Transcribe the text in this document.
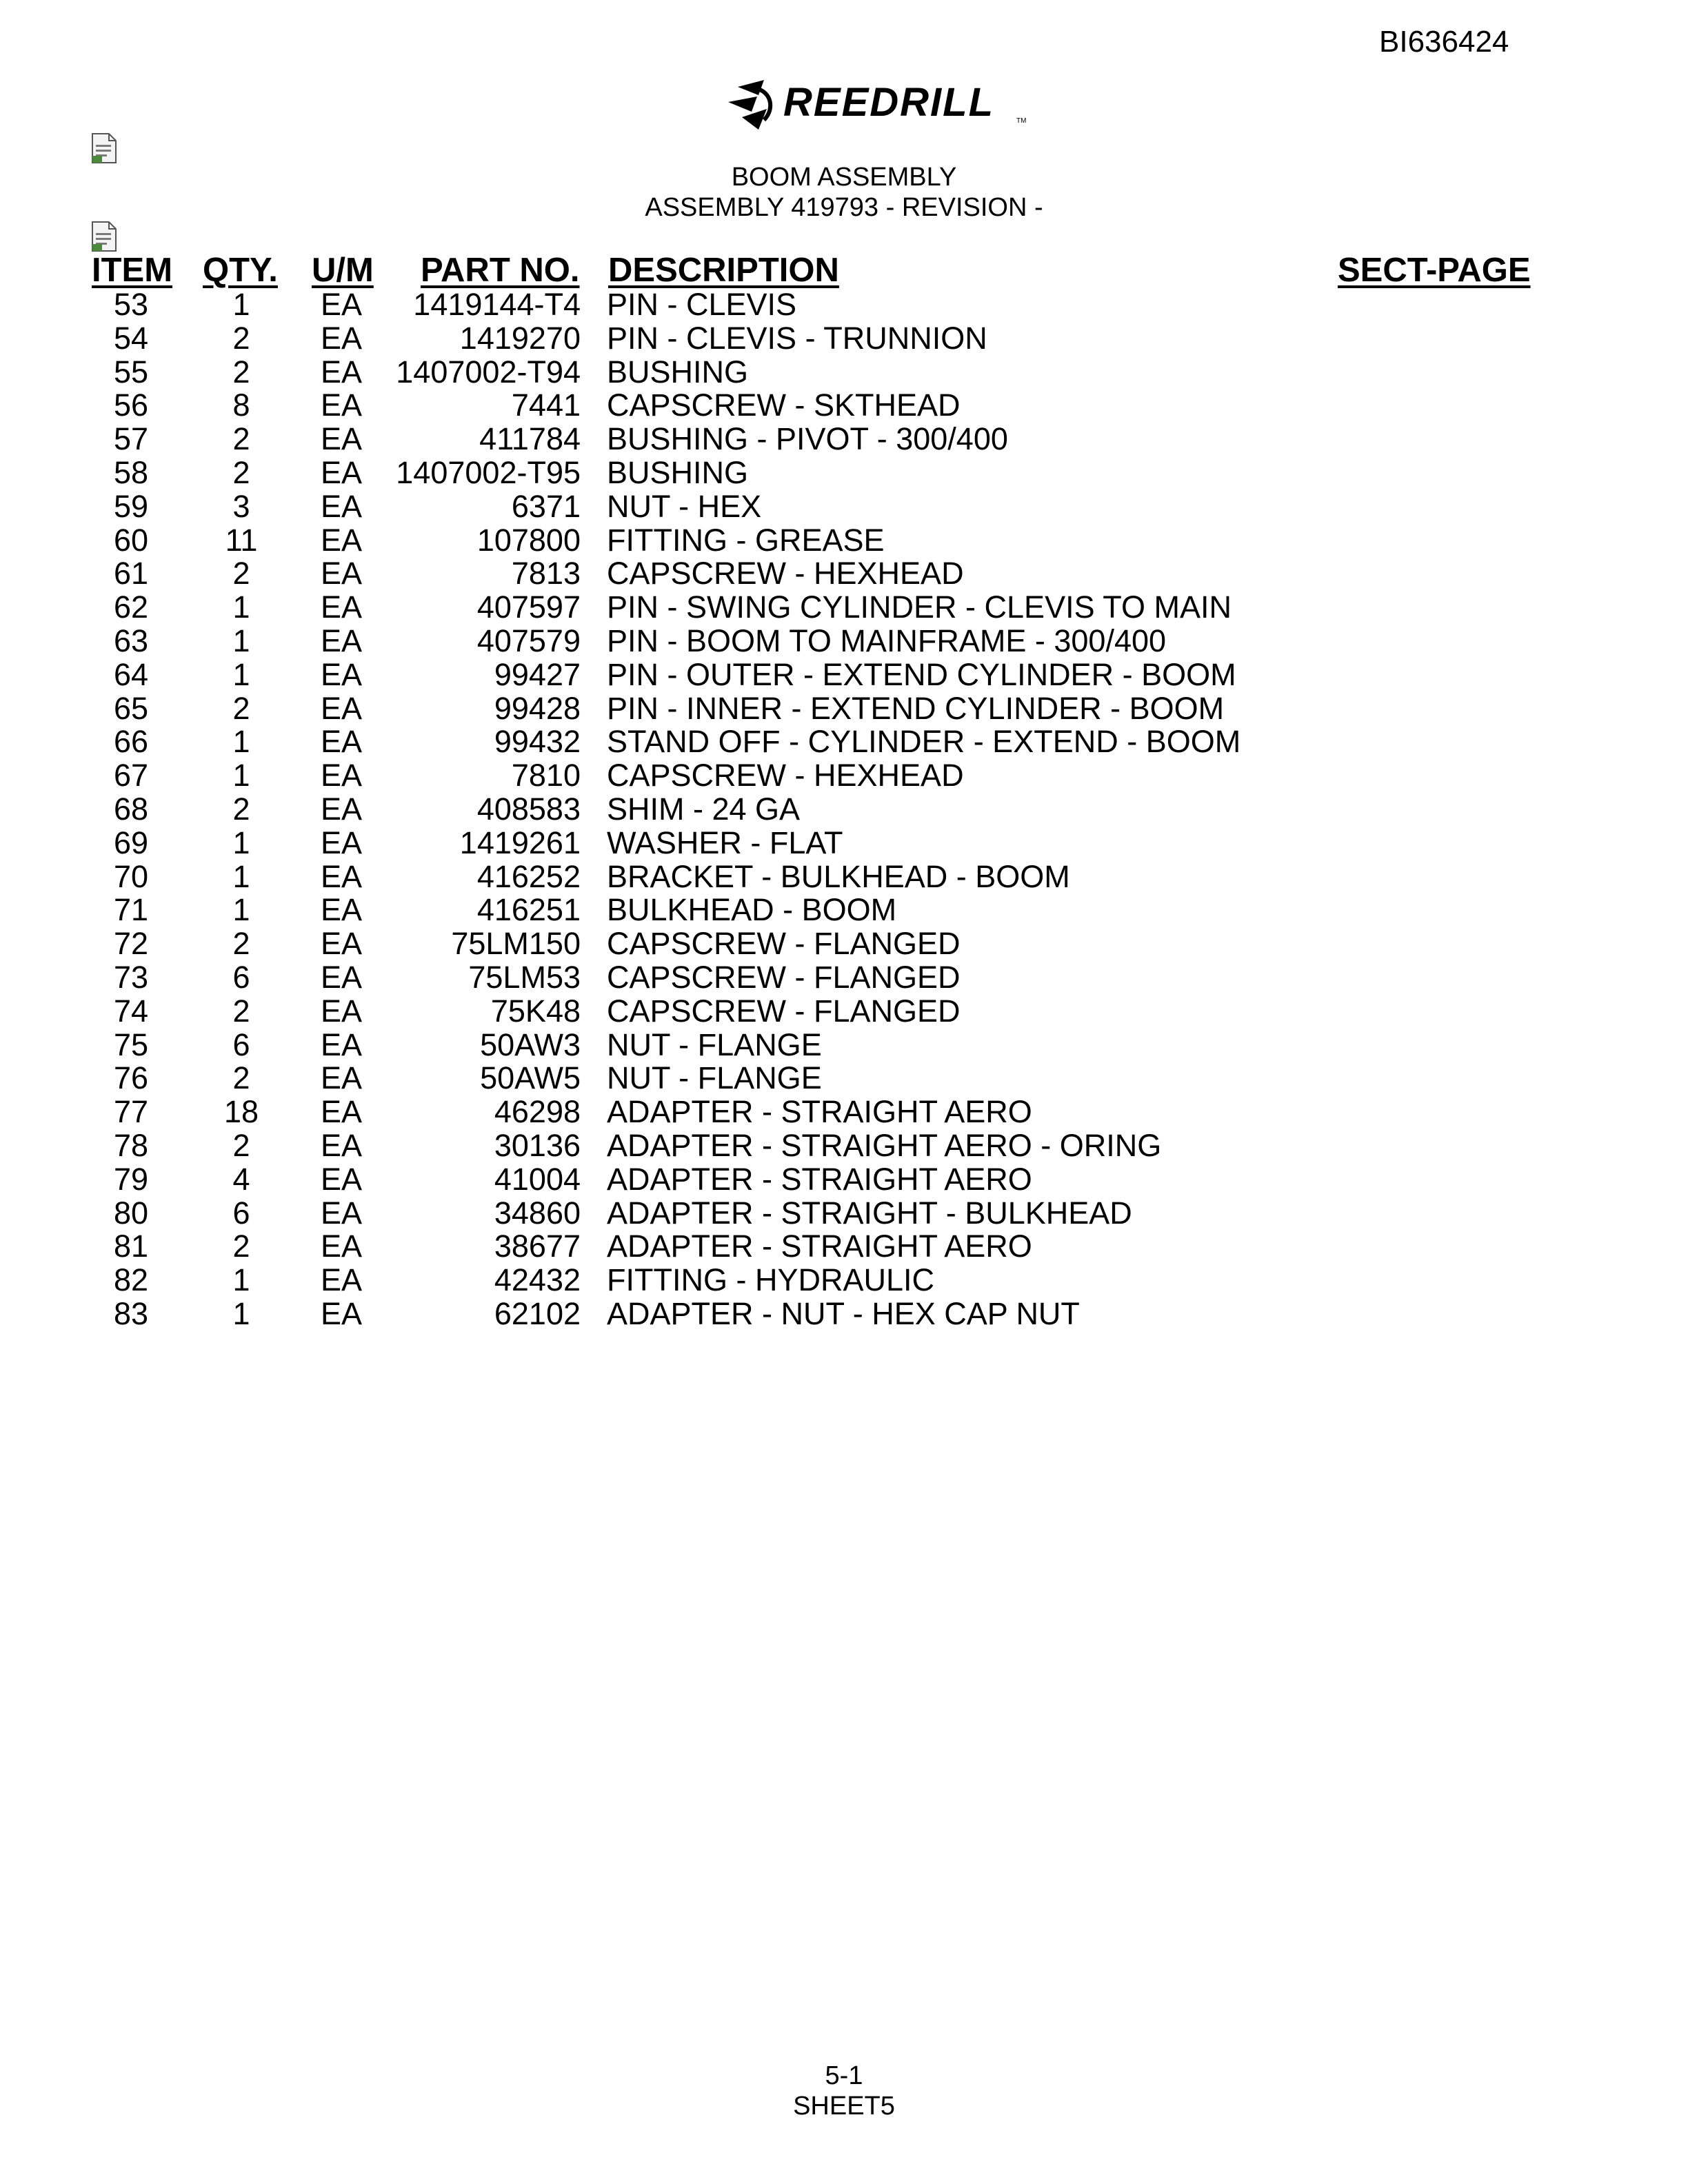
BI636424
REEDRILL	TM
BOOM ASSEMBLY
ASSEMBLY 419793 - REVISION -
ITEM QTY. U/M PART NO. DESCRIPTION	SECT-PAGE
53	1	EA	1419144-T4 PIN - CLEVIS
54	2	EA	1419270 PIN - CLEVIS - TRUNNION
55	2	EA	1407002-T94 BUSHING
56	8	EA	7441 CAPSCREW - SKTHEAD
57	2	EA	411784 BUSHING - PIVOT - 300/400
58	2	EA	1407002-T95 BUSHING
59	3	EA	6371 NUT - HEX
60	11	EA	107800 FITTING - GREASE
61	2	EA	7813 CAPSCREW - HEXHEAD
62	1	EA	407597 PIN - SWING CYLINDER - CLEVIS TO MAIN
63	1	EA	407579 PIN - BOOM TO MAINFRAME - 300/400
64	1	EA	99427 PIN - OUTER - EXTEND CYLINDER - BOOM
65	2	EA	99428 PIN - INNER - EXTEND CYLINDER - BOOM
66	1	EA	99432 STAND OFF - CYLINDER - EXTEND - BOOM
67	1	EA	7810 CAPSCREW - HEXHEAD
68	2	EA	408583 SHIM - 24 GA
69	1	EA	1419261 WASHER - FLAT
70	1	EA	416252 BRACKET - BULKHEAD - BOOM
71	1	EA	416251 BULKHEAD - BOOM
72	2	EA	75LM150 CAPSCREW - FLANGED
73	6	EA	75LM53 CAPSCREW - FLANGED
74	2	EA	75K48 CAPSCREW - FLANGED
75	6	EA	50AW3 NUT - FLANGE
76	2	EA	50AW5 NUT - FLANGE
77	18	EA	46298 ADAPTER - STRAIGHT AERO
78	2	EA	30136 ADAPTER - STRAIGHT AERO - ORING
79	4	EA	41004 ADAPTER - STRAIGHT AERO
80	6	EA	34860 ADAPTER - STRAIGHT - BULKHEAD
81	2	EA	38677 ADAPTER - STRAIGHT AERO
82	1	EA	42432 FITTING - HYDRAULIC
83	1	EA	62102 ADAPTER - NUT - HEX CAP NUT
5-1
SHEET5
